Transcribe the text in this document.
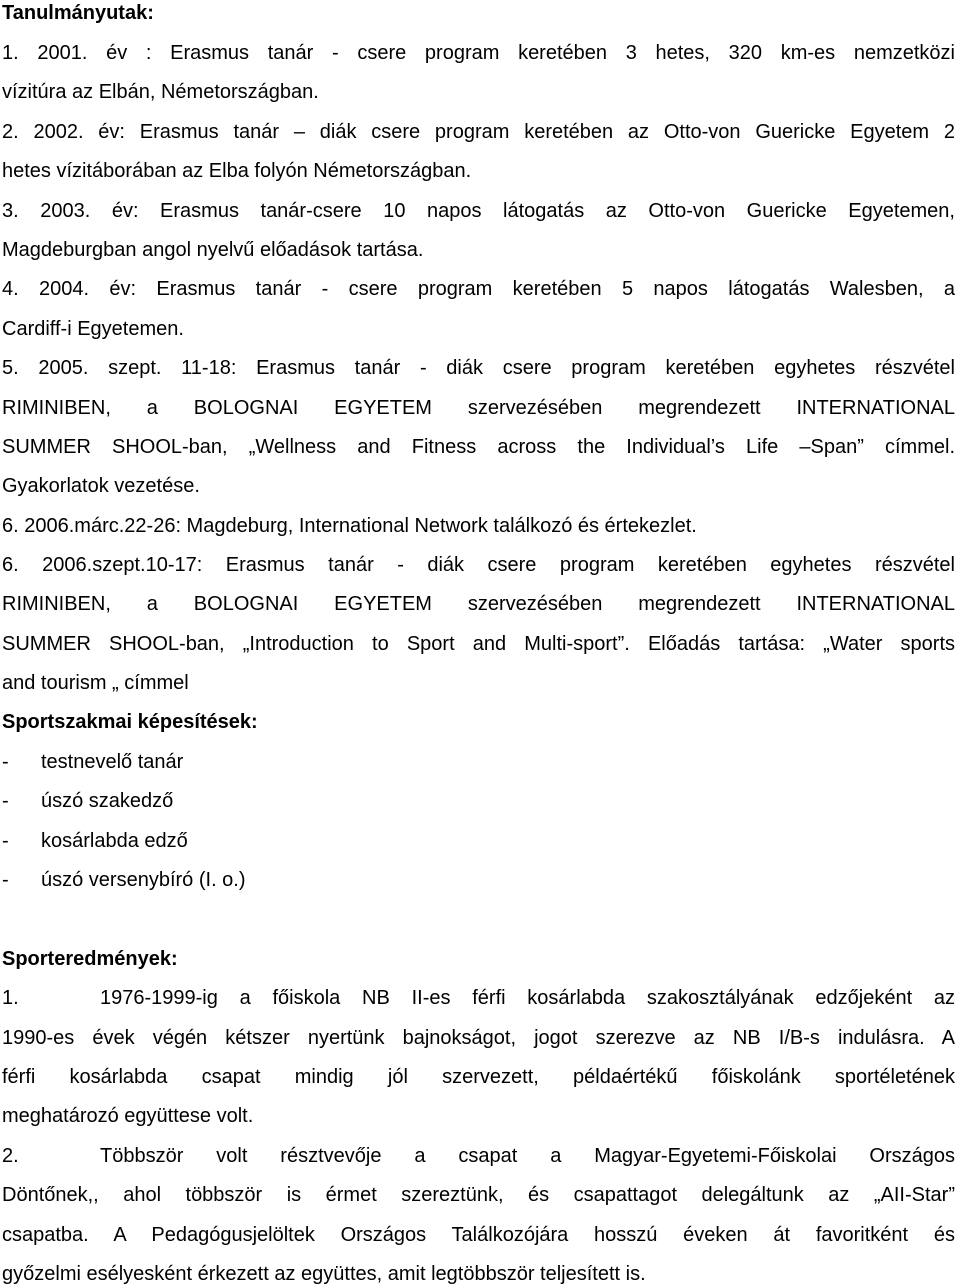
Tanulmányutak:
1. 2001. év : Erasmus tanár - csere program keretében 3 hetes, 320 km-es nemzetközi
vízitúra az Elbán, Németországban.
2. 2002. év: Erasmus tanár – diák csere program keretében az Otto-von Guericke Egyetem 2
hetes vízitáborában az Elba folyón Németországban.
3. 2003. év: Erasmus tanár-csere 10 napos látogatás az Otto-von Guericke Egyetemen,
Magdeburgban angol nyelvű előadások tartása.
4. 2004. év: Erasmus tanár - csere program keretében 5 napos látogatás Walesben, a
Cardiff-i Egyetemen.
5. 2005. szept. 11-18: Erasmus tanár - diák csere program keretében egyhetes részvétel
RIMINIBEN, a BOLOGNAI EGYETEM szervezésében megrendezett INTERNATIONAL
SUMMER SHOOL-ban, „Wellness and Fitness across the Individual’s Life –Span” címmel.
Gyakorlatok vezetése.
6. 2006.márc.22-26: Magdeburg, International Network találkozó és értekezlet.
6. 2006.szept.10-17: Erasmus tanár - diák csere program keretében egyhetes részvétel
RIMINIBEN, a BOLOGNAI EGYETEM szervezésében megrendezett INTERNATIONAL
SUMMER SHOOL-ban, „Introduction to Sport and Multi-sport”. Előadás tartása: „Water sports
and tourism „ címmel
Sportszakmai képesítések:
- testnevelő tanár
- úszó szakedző
- kosárlabda edző
- úszó versenybíró (I. o.)
Sporteredmények:
1.	1976-1999-ig a főiskola NB II-es férfi kosárlabda szakosztályának edzőjeként az
1990-es évek végén kétszer nyertünk bajnokságot, jogot szerezve az NB I/B-s indulásra. A
férfi kosárlabda csapat mindig jól szervezett, példaértékű főiskolánk sportéletének
meghatározó együttese volt.
2.	Többször volt résztvevője a csapat a Magyar-Egyetemi-Főiskolai Országos
Döntőnek,, ahol többször is érmet szereztünk, és csapattagot delegáltunk az „AII-Star”
csapatba. A Pedagógusjelöltek Országos Találkozójára hosszú éveken át favoritként és
győzelmi esélyesként érkezett az együttes, amit legtöbbször teljesített is.
